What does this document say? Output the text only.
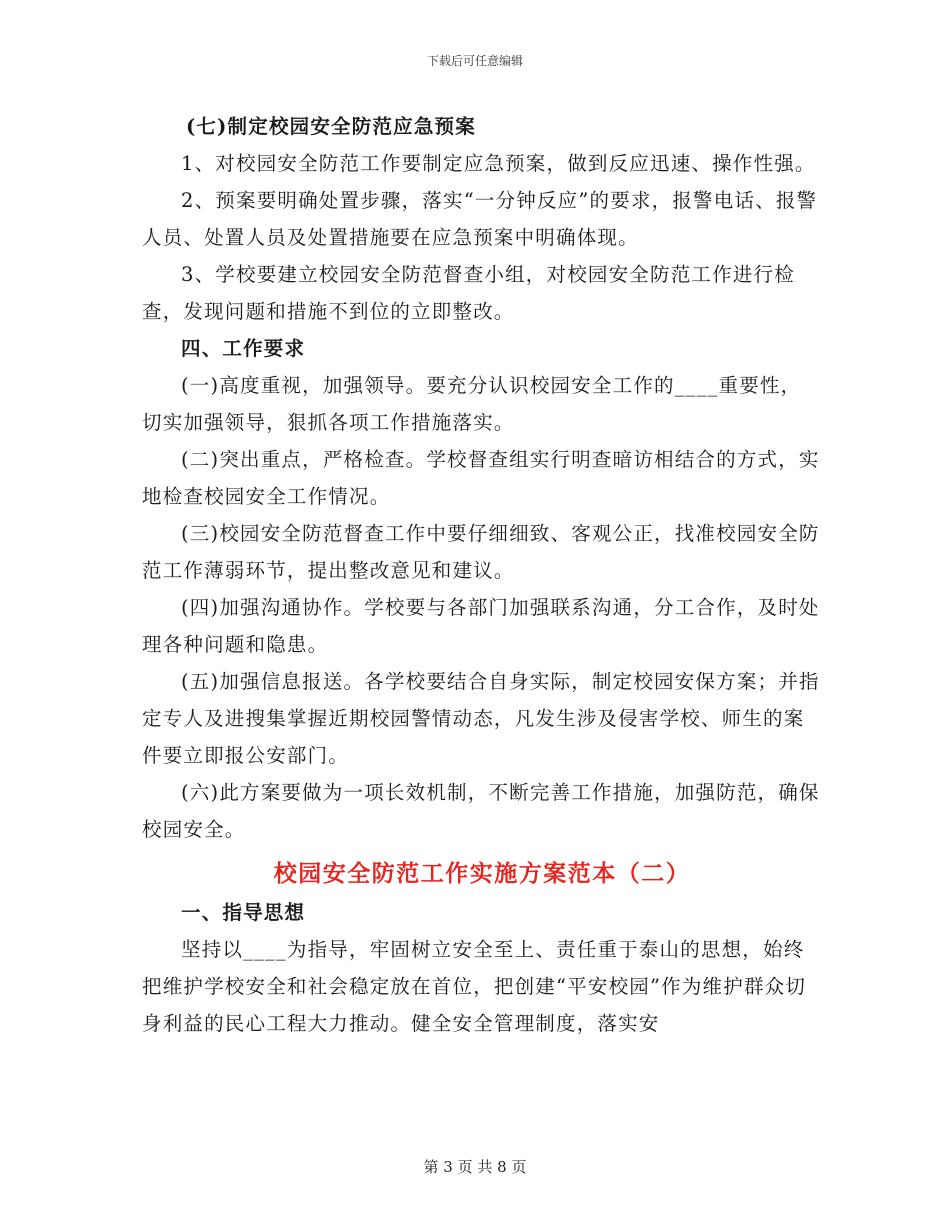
下载后可任意编辑

(七)制定校园安全防范应急预案

1、对校园安全防范工作要制定应急预案，做到反应迅速、操作性强。

2、预案要明确处置步骤，落实“一分钟反应”的要求，报警电话、报警人员、处置人员及处置措施要在应急预案中明确体现。

3、学校要建立校园安全防范督查小组，对校园安全防范工作进行检查，发现问题和措施不到位的立即整改。

四、工作要求

(一)高度重视，加强领导。要充分认识校园安全工作的____重要性，切实加强领导，狠抓各项工作措施落实。

(二)突出重点，严格检查。学校督查组实行明查暗访相结合的方式，实地检查校园安全工作情况。

(三)校园安全防范督查工作中要仔细细致、客观公正，找准校园安全防范工作薄弱环节，提出整改意见和建议。

(四)加强沟通协作。学校要与各部门加强联系沟通，分工合作，及时处理各种问题和隐患。

(五)加强信息报送。各学校要结合自身实际，制定校园安保方案；并指定专人及进搜集掌握近期校园警情动态，凡发生涉及侵害学校、师生的案件要立即报公安部门。

(六)此方案要做为一项长效机制，不断完善工作措施，加强防范，确保校园安全。

校园安全防范工作实施方案范本（二）

一、指导思想

坚持以____为指导，牢固树立安全至上、责任重于泰山的思想，始终把维护学校安全和社会稳定放在首位，把创建“平安校园”作为维护群众切身利益的民心工程大力推动。健全安全管理制度，落实安

第 3 页 共 8 页
